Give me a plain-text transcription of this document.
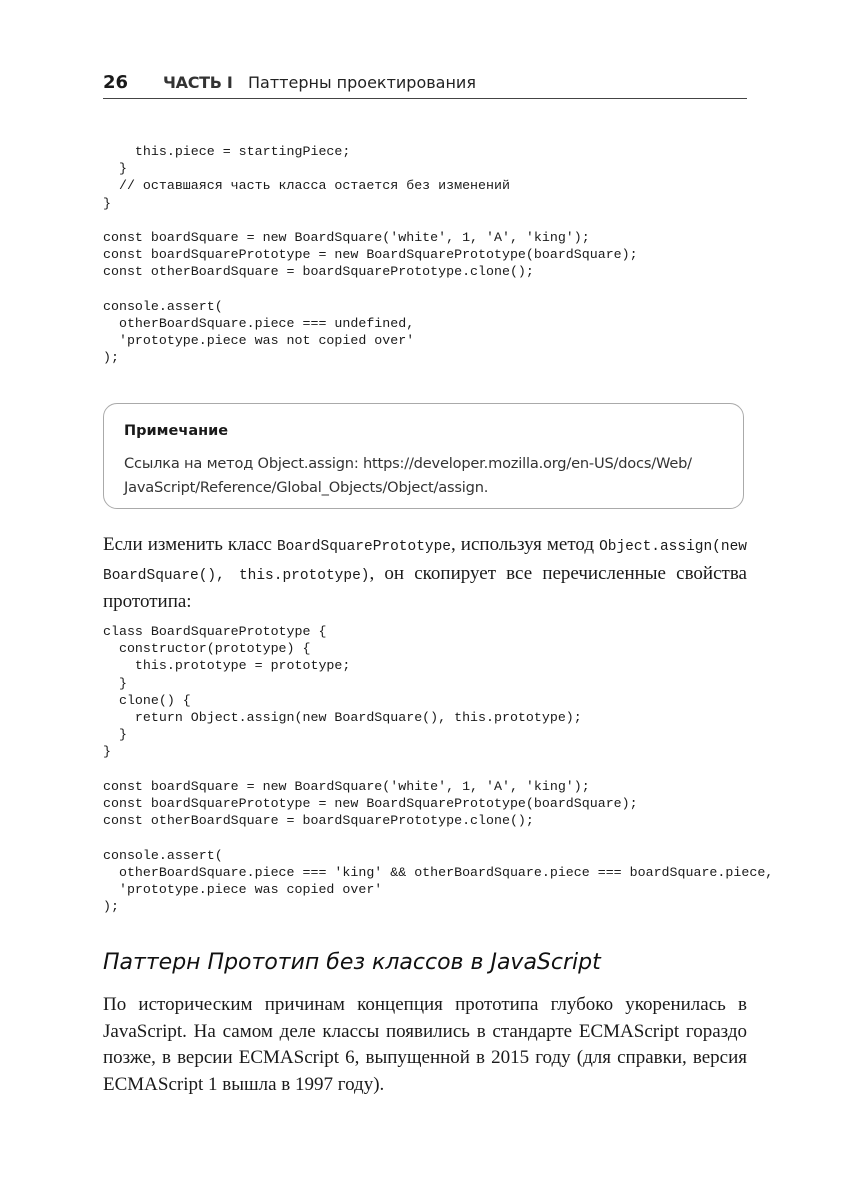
26 ЧАСТЬ I Паттерны проектирования
this.piece = startingPiece;
}
// оставшаяся часть класса остается без изменений
}

const boardSquare = new BoardSquare('white', 1, 'A', 'king');
const boardSquarePrototype = new BoardSquarePrototype(boardSquare);
const otherBoardSquare = boardSquarePrototype.clone();

console.assert(
otherBoardSquare.piece === undefined,
'prototype.piece was not copied over'
);
Примечание
Ссылка на метод Object.assign: https://developer.mozilla.org/en-US/docs/Web/ JavaScript/Reference/Global_Objects/Object/assign.
Если изменить класс BoardSquarePrototype, используя метод Object.assign(new BoardSquare(), this.prototype), он скопирует все перечисленные свойства прототипа:
class BoardSquarePrototype {
constructor(prototype) {
this.prototype = prototype;
}
clone() {
return Object.assign(new BoardSquare(), this.prototype);
}
}

const boardSquare = new BoardSquare('white', 1, 'A', 'king');
const boardSquarePrototype = new BoardSquarePrototype(boardSquare);
const otherBoardSquare = boardSquarePrototype.clone();

console.assert(
otherBoardSquare.piece === 'king' && otherBoardSquare.piece === boardSquare.piece,
'prototype.piece was copied over'
);
Паттерн Прототип без классов в JavaScript
По историческим причинам концепция прототипа глубоко укоренилась в JavaScript. На самом деле классы появились в стандарте ECMAScript гораздо позже, в версии ECMAScript 6, выпущенной в 2015 году (для справки, версия ECMAScript 1 вышла в 1997 году).
